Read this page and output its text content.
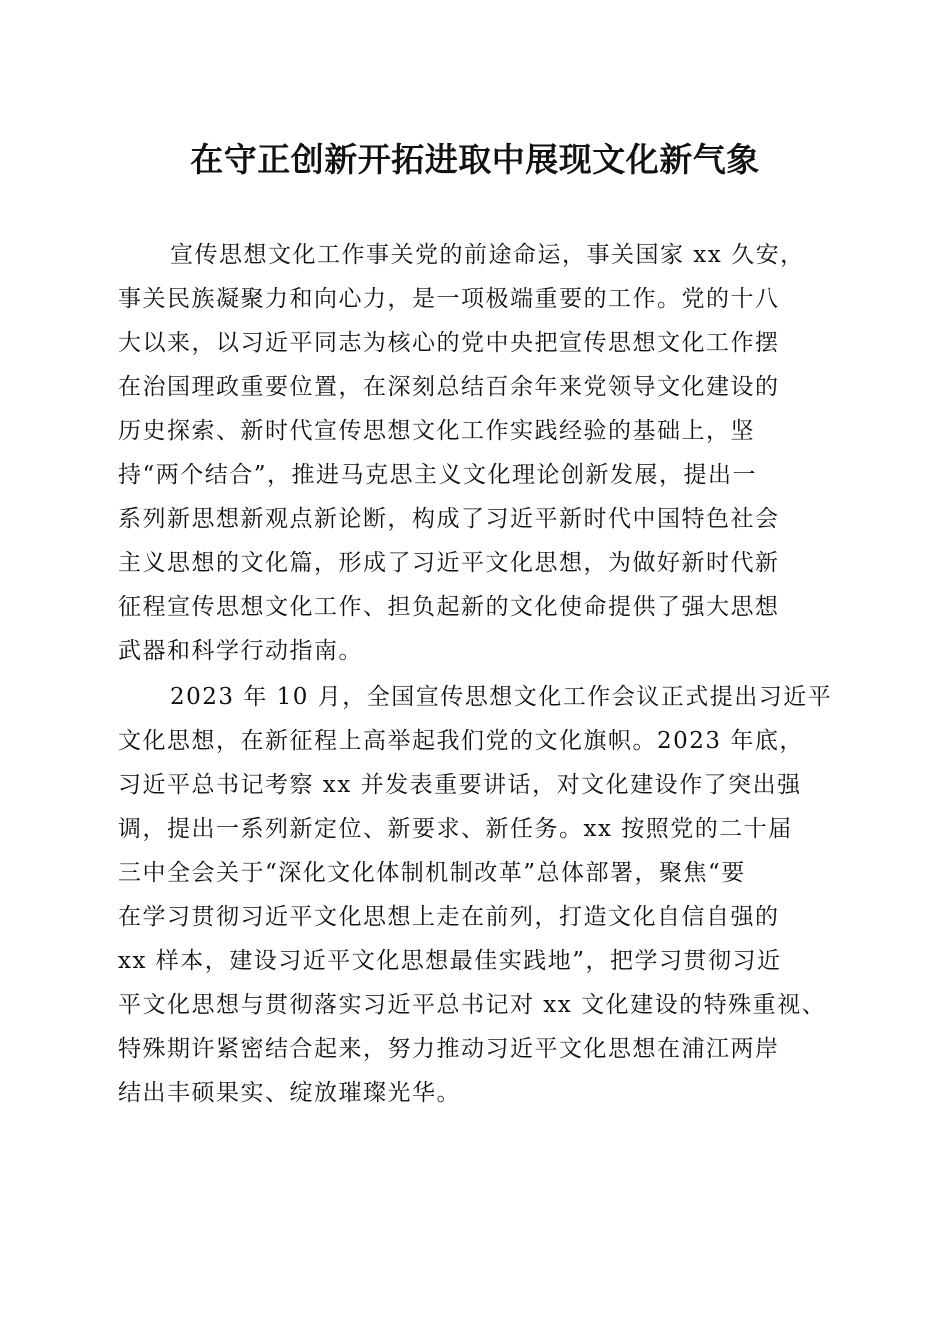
在守正创新开拓进取中展现文化新气象

宣传思想文化工作事关党的前途命运，事关国家 xx 久安，

事关民族凝聚力和向心力，是一项极端重要的工作。党的十八

大以来，以习近平同志为核心的党中央把宣传思想文化工作摆

在治国理政重要位置，在深刻总结百余年来党领导文化建设的

历史探索、新时代宣传思想文化工作实践经验的基础上，坚

持“两个结合”，推进马克思主义文化理论创新发展，提出一

系列新思想新观点新论断，构成了习近平新时代中国特色社会

主义思想的文化篇，形成了习近平文化思想，为做好新时代新

征程宣传思想文化工作、担负起新的文化使命提供了强大思想

武器和科学行动指南。

2023 年 10 月，全国宣传思想文化工作会议正式提出习近平

文化思想，在新征程上高举起我们党的文化旗帜。2023 年底，

习近平总书记考察 xx 并发表重要讲话，对文化建设作了突出强

调，提出一系列新定位、新要求、新任务。xx 按照党的二十届

三中全会关于“深化文化体制机制改革”总体部署，聚焦“要

在学习贯彻习近平文化思想上走在前列，打造文化自信自强的

xx 样本，建设习近平文化思想最佳实践地”，把学习贯彻习近

平文化思想与贯彻落实习近平总书记对 xx 文化建设的特殊重视、

特殊期许紧密结合起来，努力推动习近平文化思想在浦江两岸

结出丰硕果实、绽放璀璨光华。
